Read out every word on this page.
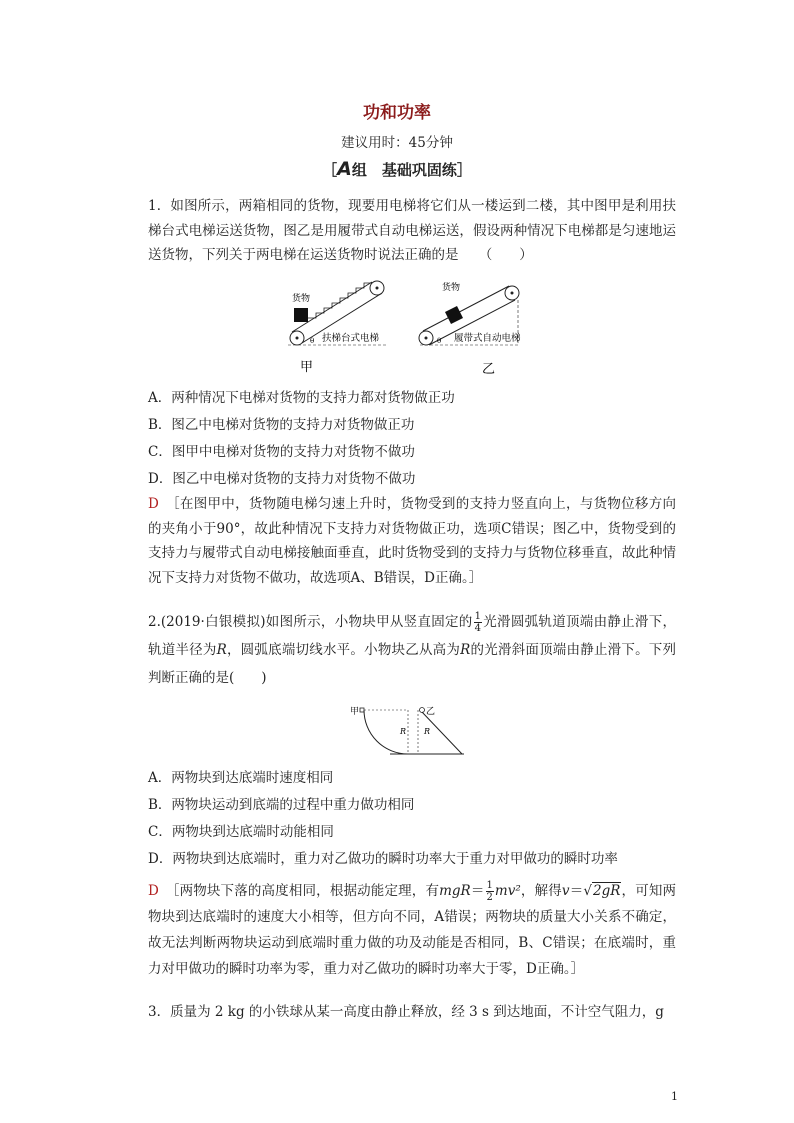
功和功率
建议用时：45分钟
［A组　基础巩固练］

1．如图所示，两箱相同的货物，现要用电梯将它们从一楼运到二楼，其中图甲是利用扶梯台式电梯运送货物，图乙是用履带式自动电梯运送，假设两种情况下电梯都是匀速地运送货物，下列关于两电梯在运送货物时说法正确的是　　（　　）

货物
扶梯台式电梯
θ
货物
履带式自动电梯
θ
甲	乙
A．两种情况下电梯对货物的支持力都对货物做正功
B．图乙中电梯对货物的支持力对货物做正功
C．图甲中电梯对货物的支持力对货物不做功
D．图乙中电梯对货物的支持力对货物不做功

D　 ［在图甲中，货物随电梯匀速上升时，货物受到的支持力竖直向上，与货物位移方向的夹角小于90°，故此种情况下支持力对货物做正功，选项C错误；图乙中，货物受到的支持力与履带式自动电梯接触面垂直，此时货物受到的支持力与货物位移垂直，故此种情况下支持力对货物不做功，故选项A、B错误，D正确。］

2.(2019·白银模拟)如图所示，小物块甲从竖直固定的 $\frac{1}{4}$ 光滑圆弧轨道顶端由静止滑下，轨道半径为R，圆弧底端切线水平。小物块乙从高为R的光滑斜面顶端由静止滑下。下列判断正确的是(　　)

甲
R
乙
R
A．两物块到达底端时速度相同
B．两物块运动到底端的过程中重力做功相同
C．两物块到达底端时动能相同
D．两物块到达底端时，重力对乙做功的瞬时功率大于重力对甲做功的瞬时功率

D　 ［两物块下落的高度相同，根据动能定理，有$mgR= \frac{1}{2} mv^2$，解得v＝√2gR，可知两物块到达底端时的速度大小相等，但方向不同，A错误；两物块的质量大小关系不确定，故无法判断两物块运动到底端时重力做的功及动能是否相同，B、C错误；在底端时，重力对甲做功的瞬时功率为零，重力对乙做功的瞬时功率大于零，D正确。］

3．质量为 2 kg 的小铁球从某一高度由静止释放，经 3 s 到达地面，不计空气阻力，g
1
